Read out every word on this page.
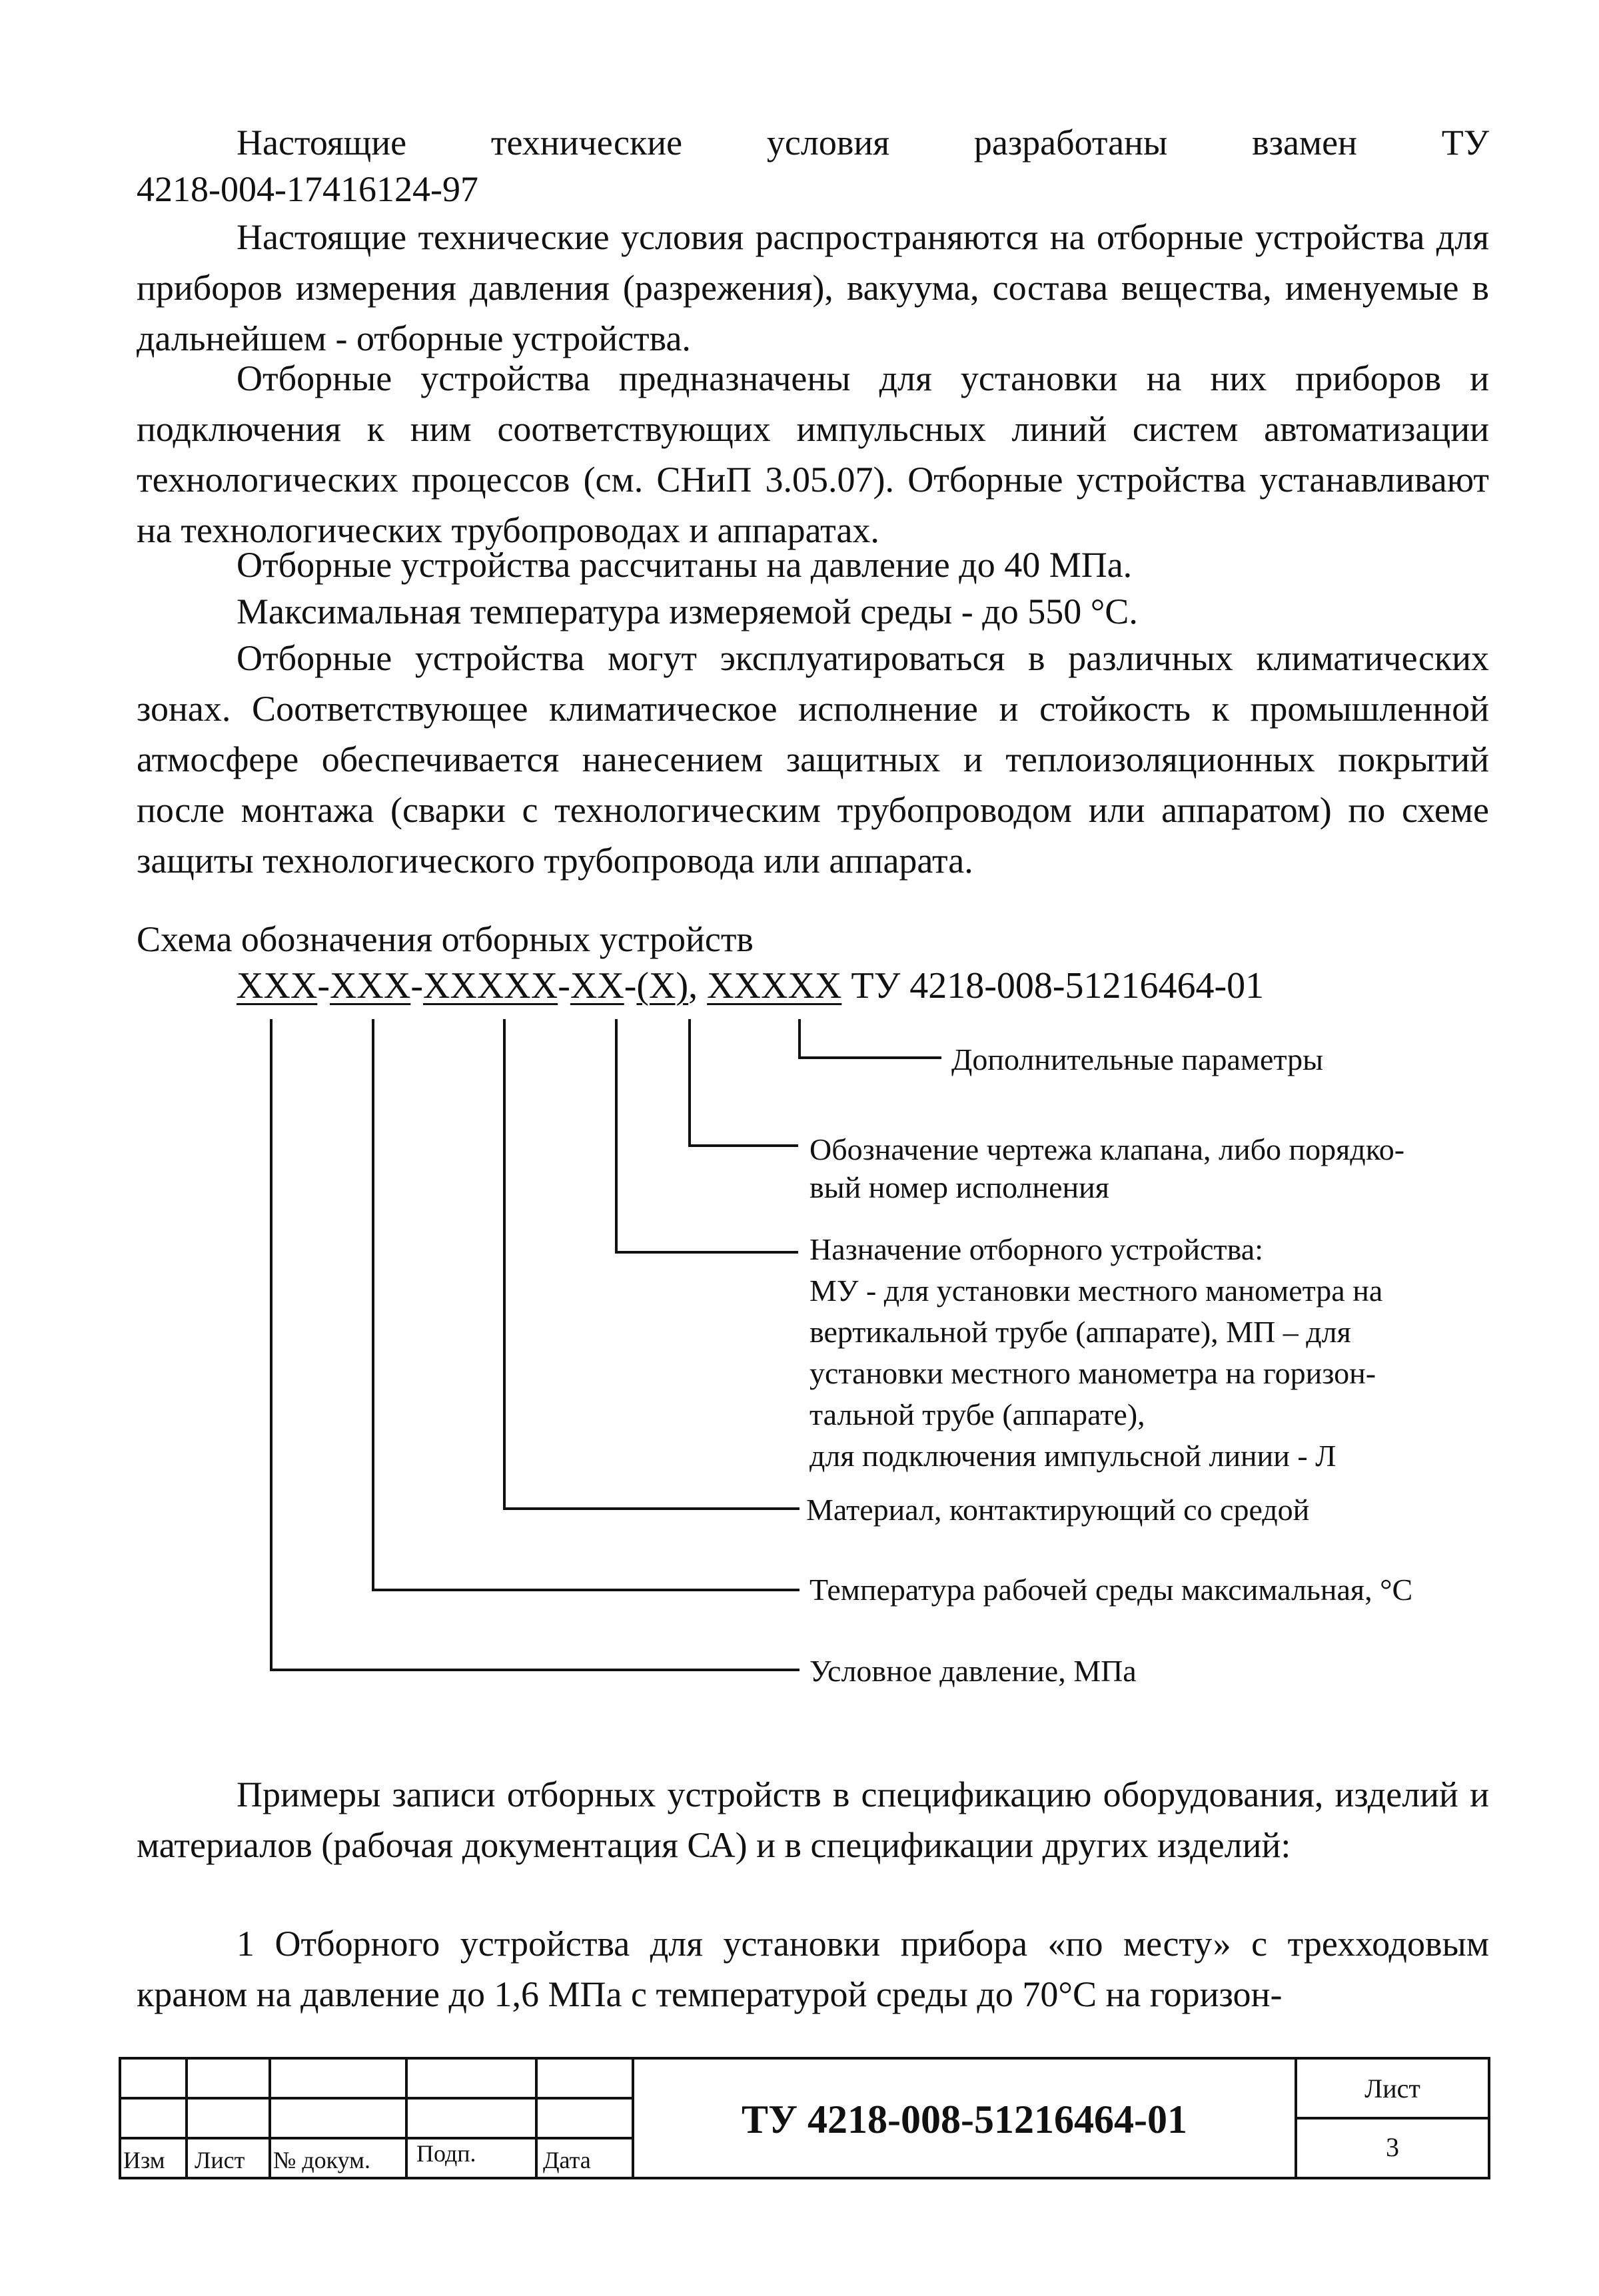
Настоящие технические условия разработаны взамен ТУ
4218-004-17416124-97

Настоящие технические условия распространяются на отборные устройства для приборов измерения давления (разрежения), вакуума, состава вещества, именуемые в дальнейшем - отборные устройства.

Отборные устройства предназначены для установки на них приборов и подключения к ним соответствующих импульсных линий систем автоматизации технологических процессов (см. СНиП 3.05.07). Отборные устройства устанавливают на технологических трубопроводах и аппаратах.

Отборные устройства рассчитаны на давление до 40 МПа.

Максимальная температура измеряемой среды - до 550 °С.

Отборные устройства могут эксплуатироваться в различных климатических зонах. Соответствующее климатическое исполнение и стойкость к промышленной атмосфере обеспечивается нанесением защитных и теплоизоляционных покрытий после монтажа (сварки с технологическим трубопроводом или аппаратом) по схеме защиты технологического трубопровода или аппарата.

Схема обозначения отборных устройств
XXX-XXX-XXXXX-XX-(X), XXXXX ТУ 4218-008-51216464-01
Дополнительные параметры
Обозначение чертежа клапана, либо порядко-
вый номер исполнения
Назначение отборного устройства:
МУ - для установки местного манометра на
вертикальной трубе (аппарате), МП – для
установки местного манометра на горизон-
тальной трубе (аппарате),
для подключения импульсной линии - Л
Материал, контактирующий со средой
Температура рабочей среды максимальная, °С
Условное давление, МПа

Примеры записи отборных устройств в спецификацию оборудования, изделий и материалов (рабочая документация СА) и в спецификации других изделий:

1 Отборного устройства для установки прибора «по месту» с трехходовым краном на давление до 1,6 МПа с температурой среды до 70°С на горизон-

Изм Лист № докум. Подп.	Дата
ТУ 4218-008-51216464-01
Лист
3
